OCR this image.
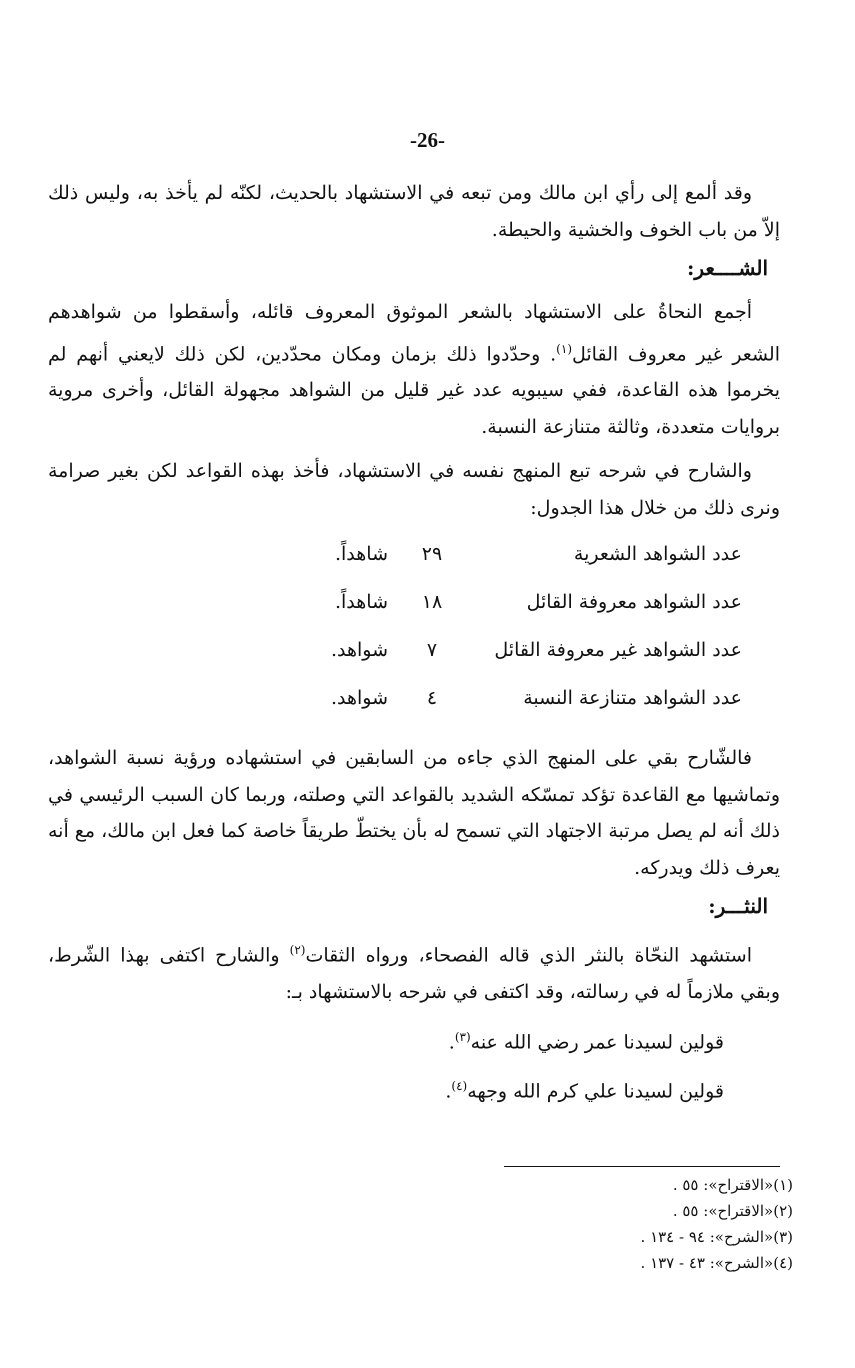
-26-

وقد ألمع إلى رأي ابن مالك ومن تبعه في الاستشهاد بالحديث، لكنّه لم يأخذ به، وليس ذلك إلاّ من باب الخوف والخشية والحيطة.

الشــــعر:

أجمع النحاةُ على الاستشهاد بالشعر الموثوق المعروف قائله، وأسقطوا من شواهدهم الشعر غير معروف القائل$^{(١)}$. وحدّدوا ذلك بزمان ومكان محدّدين، لكن ذلك لايعني أنهم لم يخرموا هذه القاعدة، ففي سيبويه عدد غير قليل من الشواهد مجهولة القائل، وأخرى مروية بروايات متعددة، وثالثة متنازعة النسبة.

والشارح في شرحه تبع المنهج نفسه في الاستشهاد، فأخذ بهذه القواعد لكن بغير صرامة ونرى ذلك من خلال هذا الجدول:

عدد الشواهد الشعرية
٢٩
شاهداً.
عدد الشواهد معروفة القائل
١٨
شاهداً.
عدد الشواهد غير معروفة القائل
٧
شواهد.
عدد الشواهد متنازعة النسبة
٤
شواهد.

فالشّارح بقي على المنهج الذي جاءه من السابقين في استشهاده ورؤية نسبة الشواهد، وتماشيها مع القاعدة تؤكد تمسّكه الشديد بالقواعد التي وصلته، وربما كان السبب الرئيسي في ذلك أنه لم يصل مرتبة الاجتهاد التي تسمح له بأن يختطّ طريقاً خاصة كما فعل ابن مالك، مع أنه يعرف ذلك ويدركه.

النثـــر:

استشهد النحّاة بالنثر الذي قاله الفصحاء، ورواه الثقات$^{(٢)}$ والشارح اكتفى بهذا الشّرط، وبقي ملازماً له في رسالته، وقد اكتفى في شرحه بالاستشهاد بـ:

قولين لسيدنا عمر رضي الله عنه$^{(٣)}$.

قولين لسيدنا علي كرم الله وجهه$^{(٤)}$.

(١)«الاقتراح»: ٥٥ .
(٢)«الاقتراح»: ٥٥ .
(٣)«الشرح»: ٩٤ - ١٣٤ .
(٤)«الشرح»: ٤٣ - ١٣٧ .
